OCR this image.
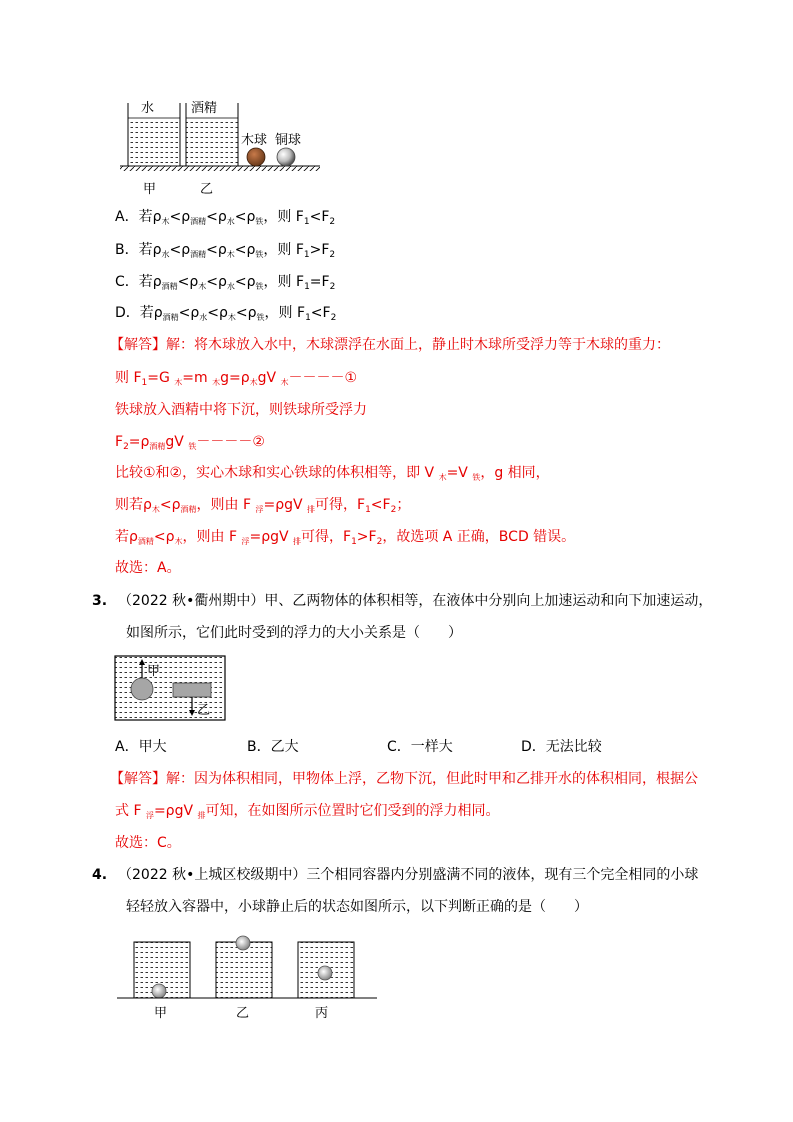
水	酒精
木球 铜球
甲	乙
A．若$\rho_木<\rho_{酒精}<\rho_水<\rho_铁$，则 $F_1<F_2$
B．若$\rho_水<\rho_{酒精}<\rho_木<\rho_铁$，则 $F_1>F_2$
C．若$\rho_{酒精}<\rho_木<\rho_水<\rho_铁$，则 $F_1=F_2$
D．若$\rho_{酒精}<\rho_水<\rho_木<\rho_铁$，则 $F_1<F_2$
【解答】解：将木球放入水中，木球漂浮在水面上，静止时木球所受浮力等于木球的重力：
则 $F_1=G$ $_木$=m $_木g=\rho_木gV$ $_木$－－－－①
铁球放入酒精中将下沉，则铁球所受浮力
$F_2=\rho_{酒精}gV$ $_铁$－－－－②
比较①和②，实心木球和实心铁球的体积相等，即 V $_木$=V $_铁$，g 相同，
则若$\rho_木<\rho_{酒精}$，则由 F $_浮$=ρgV $_排$可得，$F_1<F_2$；
若$\rho_{酒精}<\rho_木$，则由 F $_浮$=ρgV $_排$可得，$F_1>F_2$，故选项 A 正确，BCD 错误。
故选：A。
3. （2022 秋•衢州期中）甲、乙两物体的体积相等，在液体中分别向上加速运动和向下加速运动，
如图所示，它们此时受到的浮力的大小关系是（　　）
甲
乙
A．甲大	B．乙大	C．一样大	D．无法比较
【解答】解：因为体积相同，甲物体上浮，乙物下沉，但此时甲和乙排开水的体积相同，根据公
式 F $_浮$=ρgV $_排$可知，在如图所示位置时它们受到的浮力相同。
故选：C。
4. （2022 秋•上城区校级期中）三个相同容器内分别盛满不同的液体，现有三个完全相同的小球
轻轻放入容器中，小球静止后的状态如图所示，以下判断正确的是（　　）
甲	乙	丙
